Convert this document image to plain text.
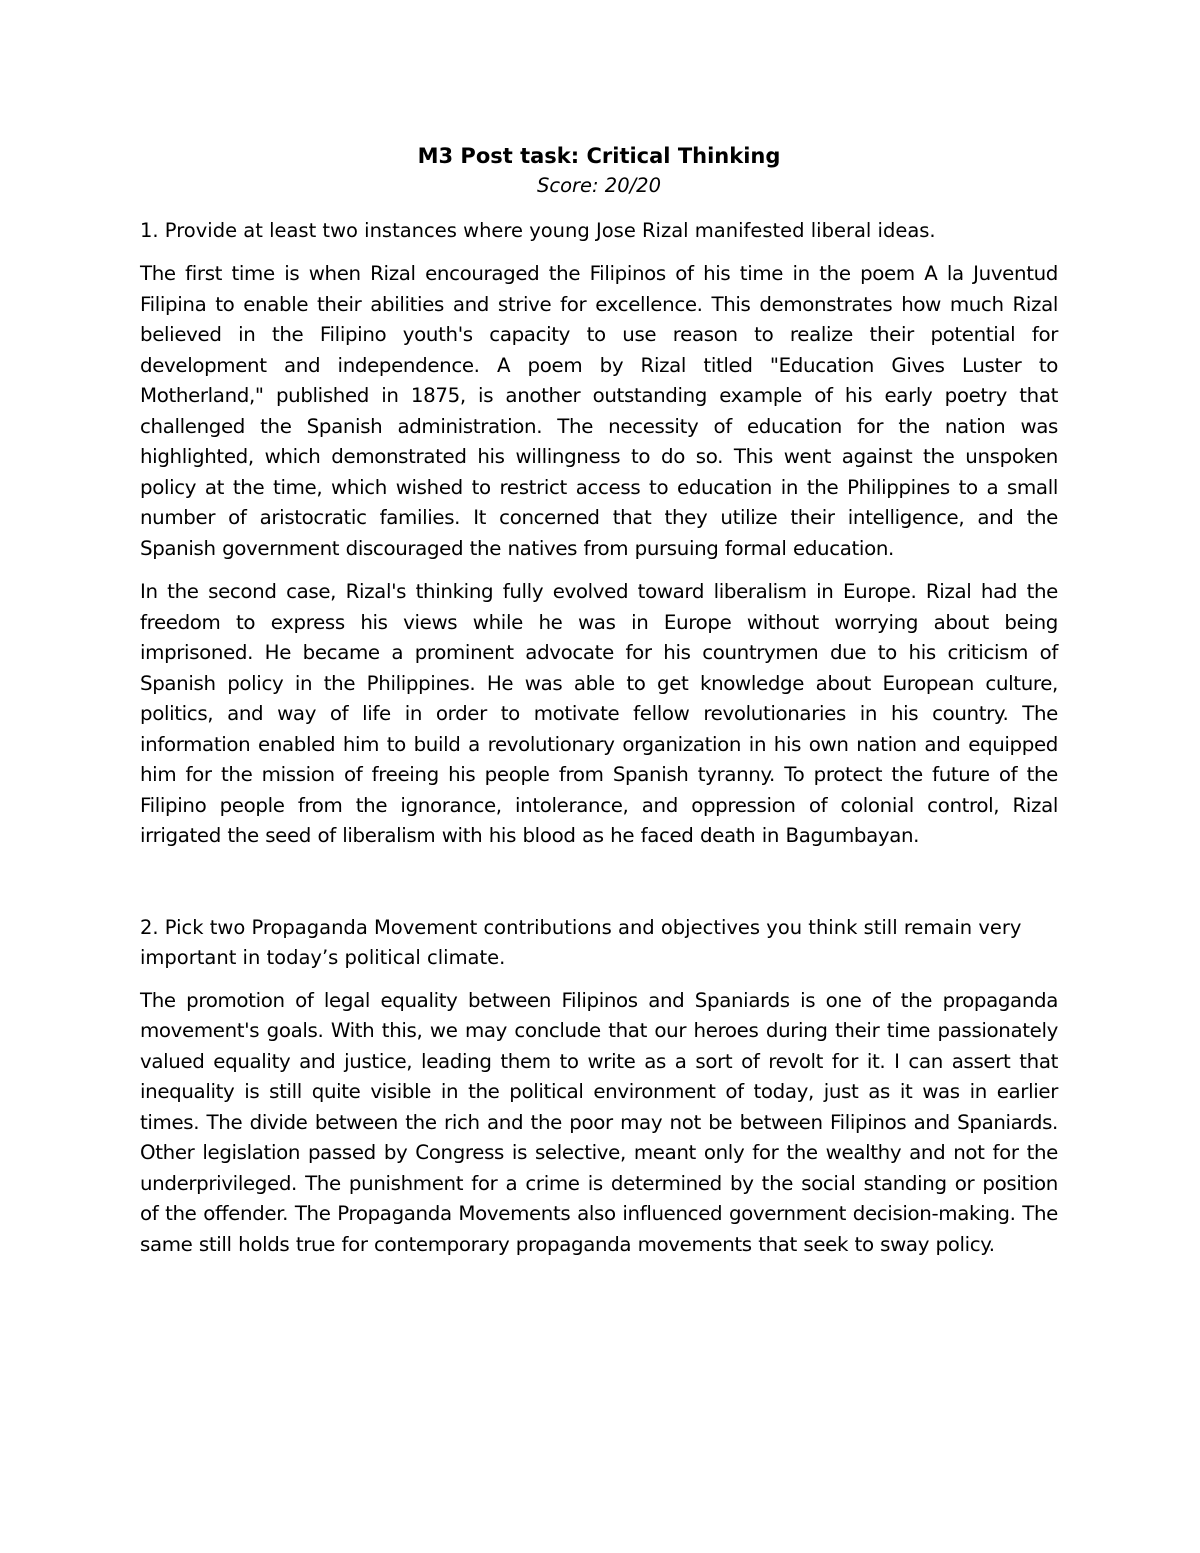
M3 Post task: Critical Thinking

Score: 20/20

1. Provide at least two instances where young Jose Rizal manifested liberal ideas.

The first time is when Rizal encouraged the Filipinos of his time in the poem A la Juventud Filipina to enable their abilities and strive for excellence. This demonstrates how much Rizal believed in the Filipino youth's capacity to use reason to realize their potential for development and independence. A poem by Rizal titled "Education Gives Luster to Motherland," published in 1875, is another outstanding example of his early poetry that challenged the Spanish administration. The necessity of education for the nation was highlighted, which demonstrated his willingness to do so. This went against the unspoken policy at the time, which wished to restrict access to education in the Philippines to a small number of aristocratic families. It concerned that they utilize their intelligence, and the Spanish government discouraged the natives from pursuing formal education.

In the second case, Rizal's thinking fully evolved toward liberalism in Europe. Rizal had the freedom to express his views while he was in Europe without worrying about being imprisoned. He became a prominent advocate for his countrymen due to his criticism of Spanish policy in the Philippines. He was able to get knowledge about European culture, politics, and way of life in order to motivate fellow revolutionaries in his country. The information enabled him to build a revolutionary organization in his own nation and equipped him for the mission of freeing his people from Spanish tyranny. To protect the future of the Filipino people from the ignorance, intolerance, and oppression of colonial control, Rizal irrigated the seed of liberalism with his blood as he faced death in Bagumbayan.

2. Pick two Propaganda Movement contributions and objectives you think still remain very important in today’s political climate.

The promotion of legal equality between Filipinos and Spaniards is one of the propaganda movement's goals. With this, we may conclude that our heroes during their time passionately valued equality and justice, leading them to write as a sort of revolt for it. I can assert that inequality is still quite visible in the political environment of today, just as it was in earlier times. The divide between the rich and the poor may not be between Filipinos and Spaniards. Other legislation passed by Congress is selective, meant only for the wealthy and not for the underprivileged. The punishment for a crime is determined by the social standing or position of the offender. The Propaganda Movements also influenced government decision-making. The same still holds true for contemporary propaganda movements that seek to sway policy.
